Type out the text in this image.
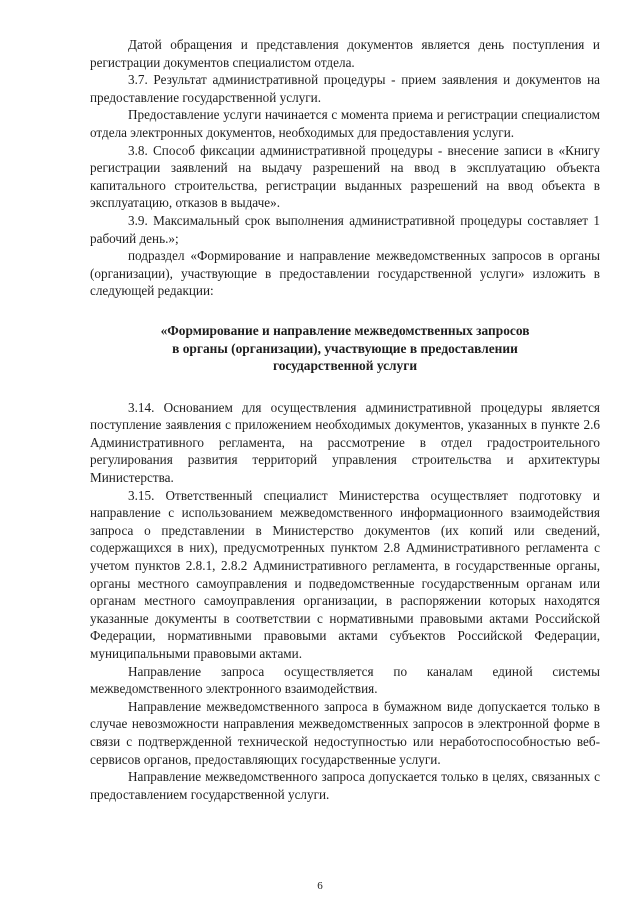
Датой обращения и представления документов является день поступления и регистрации документов специалистом отдела.

3.7. Результат административной процедуры - прием заявления и документов на предоставление государственной услуги.

Предоставление услуги начинается с момента приема и регистрации специалистом отдела электронных документов, необходимых для предоставления услуги.

3.8. Способ фиксации административной процедуры - внесение записи в «Книгу регистрации заявлений на выдачу разрешений на ввод в эксплуатацию объекта капитального строительства, регистрации выданных разрешений на ввод объекта в эксплуатацию, отказов в выдаче».

3.9. Максимальный срок выполнения административной процедуры составляет 1 рабочий день.»;

подраздел «Формирование и направление межведомственных запросов в органы (организации), участвующие в предоставлении государственной услуги» изложить в следующей редакции:

«Формирование и направление межведомственных запросов
в органы (организации), участвующие в предоставлении
государственной услуги

3.14. Основанием для осуществления административной процедуры является поступление заявления с приложением необходимых документов, указанных в пункте 2.6 Административного регламента, на рассмотрение в отдел градостроительного регулирования развития территорий управления строительства и архитектуры Министерства.

3.15. Ответственный специалист Министерства осуществляет подготовку и направление с использованием межведомственного информационного взаимодействия запроса о представлении в Министерство документов (их копий или сведений, содержащихся в них), предусмотренных пунктом 2.8 Административного регламента с учетом пунктов 2.8.1, 2.8.2 Административного регламента, в государственные органы, органы местного самоуправления и подведомственные государственным органам или органам местного самоуправления организации, в распоряжении которых находятся указанные документы в соответствии с нормативными правовыми актами Российской Федерации, нормативными правовыми актами субъектов Российской Федерации, муниципальными правовыми актами.

Направление запроса осуществляется по каналам единой системы межведомственного электронного взаимодействия.

Направление межведомственного запроса в бумажном виде допускается только в случае невозможности направления межведомственных запросов в электронной форме в связи с подтвержденной технической недоступностью или неработоспособностью веб-сервисов органов, предоставляющих государственные услуги.

Направление межведомственного запроса допускается только в целях, связанных с предоставлением государственной услуги.

6
